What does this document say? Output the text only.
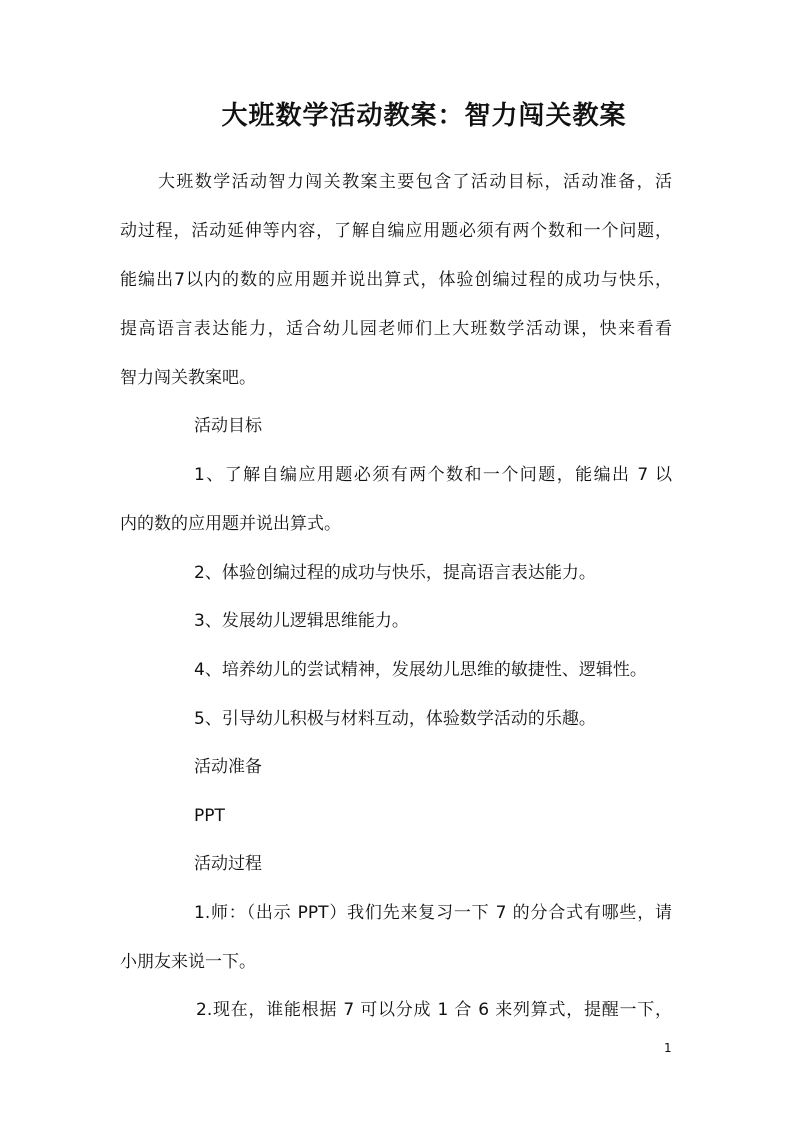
大班数学活动教案：智力闯关教案
大班数学活动智力闯关教案主要包含了活动目标，活动准备，活
动过程，活动延伸等内容，了解自编应用题必须有两个数和一个问题，
能编出7以内的数的应用题并说出算式，体验创编过程的成功与快乐，
提高语言表达能力，适合幼儿园老师们上大班数学活动课，快来看看
智力闯关教案吧。
活动目标
1、了解自编应用题必须有两个数和一个问题，能编出 7 以
内的数的应用题并说出算式。
2、体验创编过程的成功与快乐，提高语言表达能力。
3、发展幼儿逻辑思维能力。
4、培养幼儿的尝试精神，发展幼儿思维的敏捷性、逻辑性。
5、引导幼儿积极与材料互动，体验数学活动的乐趣。
活动准备
PPT
活动过程
1.师：（出示 PPT）我们先来复习一下 7 的分合式有哪些，请
小朋友来说一下。
2.现在，谁能根据 7 可以分成 1 合 6 来列算式，提醒一下，
1
